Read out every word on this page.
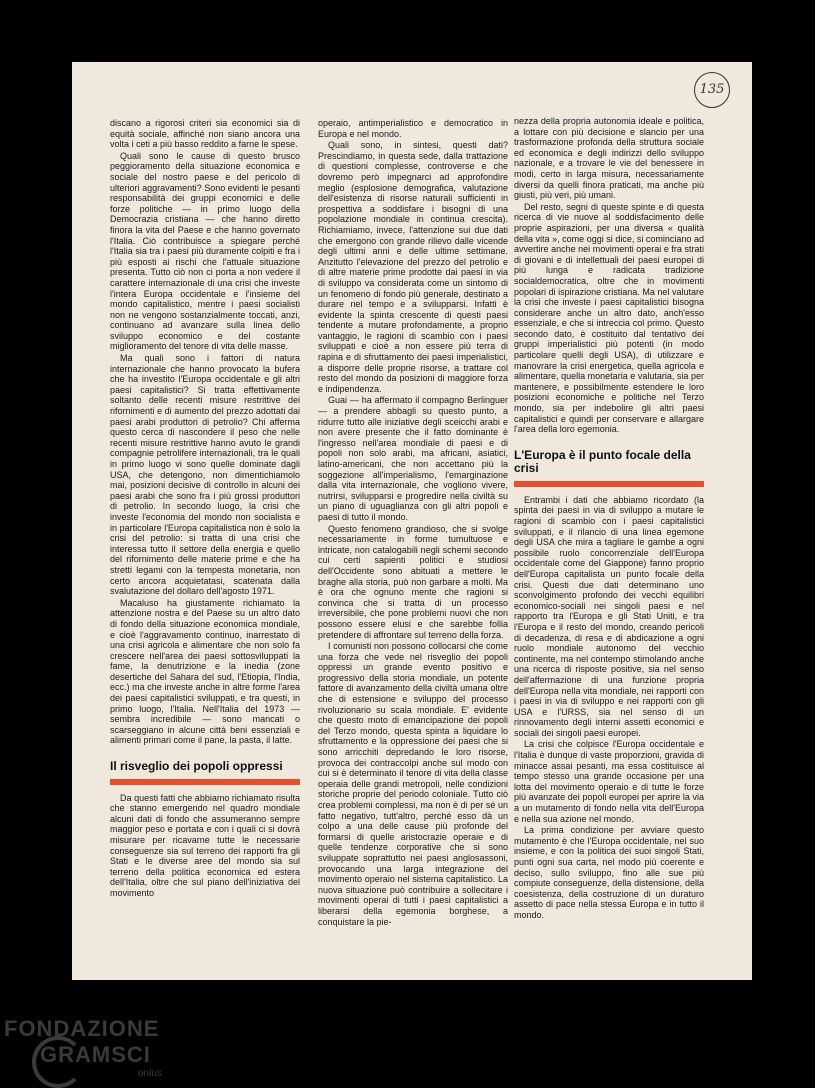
135

discano a rigorosi criteri sia economici sia di equità sociale, affinché non siano ancora una volta i ceti a più basso reddito a farne le spese.

Quali sono le cause di questo brusco peggioramento della situazione economica e sociale del nostro paese e del pericolo di ulteriori aggravamenti? Sono evidenti le pesanti responsabilità dei gruppi economici e delle forze politiche — in primo luogo della Democrazia cristiana — che hanno diretto finora la vita del Paese e che hanno governato l'Italia. Ciò contribuisce a spiegare perché l'Italia sia tra i paesi più duramente colpiti e fra i più esposti ai rischi che l'attuale situazione presenta. Tutto ciò non ci porta a non vedere il carattere internazionale di una crisi che investe l'intera Europa occidentale e l'insieme del mondo capitalistico, mentre i paesi socialisti non ne vengono sostanzialmente toccati, anzi, continuano ad avanzare sulla linea dello sviluppo economico e del costante miglioramento del tenore di vita delle masse.

Ma quali sono i fattori di natura internazionale che hanno provocato la bufera che ha investito l'Europa occidentale e gli altri paesi capitalistici? Si tratta effettivamente soltanto delle recenti misure restrittive dei rifornimenti e di aumento del prezzo adottati dai paesi arabi produttori di petrolio? Chi afferma questo cerca di nascondere il peso che nelle recenti misure restrittive hanno avuto le grandi compagnie petrolifere internazionali, tra le quali in primo luogo vi sono quelle dominate dagli USA, che detengono, non dimentichiamolo mai, posizioni decisive di controllo in alcuni dei paesi arabi che sono fra i più grossi produttori di petrolio. In secondo luogo, la crisi che investe l'economia del mondo non socialista e in particolare l'Europa capitalistica non è solo la crisi del petrolio: si tratta di una crisi che interessa tutto il settore della energia e quello del rifornimento delle materie prime e che ha stretti legami con la tempesta monetaria, non certo ancora acquietatasi, scatenata dalla svalutazione del dollaro dell'agosto 1971.

Macaluso ha giustamente richiamato la attenzione nostra e del Paese su un altro dato di fondo della situazione economica mondiale, e cioè l'aggravamento continuo, inarrestato di una crisi agricola e alimentare che non solo fa crescere nell'area dei paesi sottosviluppati la fame, la denutrizione e la inedia (zone desertiche del Sahara del sud, l'Etiopia, l'India, ecc.) ma che investe anche in altre forme l'area dei paesi capitalistici sviluppati, e tra questi, in primo luogo, l'Italia. Nell'Italia del 1973 — sembra incredibile — sono mancati o scarseggiano in alcune città beni essenziali e alimenti primari come il pane, la pasta, il latte.

Il risveglio dei popoli oppressi

Da questi fatti che abbiamo richiamato risulta che stanno emergendo nel quadro mondiale alcuni dati di fondo che assumeranno sempre maggior peso e portata e con i quali ci si dovrà misurare per ricavarne tutte le necessarie conseguenze sia sul terreno dei rapporti fra gli Stati e le diverse aree del mondo sia sul terreno della politica economica ed estera dell'Italia, oltre che sul piano dell'iniziativa del movimento

operaio, antimperialistico e democratico in Europa e nel mondo.

Quali sono, in sintesi, questi dati? Prescindiamo, in questa sede, dalla trattazione di questioni complesse, controverse e che dovremo però impegnarci ad approfondire meglio (esplosione demografica, valutazione dell'esistenza di risorse naturali sufficienti in prospettiva a soddisfare i bisogni di una popolazione mondiale in continua crescita). Richiamiamo, invece, l'attenzione sui due dati che emergono con grande rilievo dalle vicende degli ultimi anni e delle ultime settimane. Anzitutto l'elevazione del prezzo del petrolio e di altre materie prime prodotte dai paesi in via di sviluppo va considerata come un sintomo di un fenomeno di fondo più generale, destinato a durare nel tempo e a svilupparsi. Infatti è evidente la spinta crescente di questi paesi tendente a mutare profondamente, a proprio vantaggio, le ragioni di scambio con i paesi sviluppati e cioè a non essere più terra di rapina e di sfruttamento dei paesi imperialistici, a disporre delle proprie risorse, a trattare col resto del mondo da posizioni di maggiore forza e indipendenza.

Guai — ha affermato il compagno Berlinguer — a prendere abbagli su questo punto, a ridurre tutto alle iniziative degli sceicchi arabi e non avere presente che il fatto dominante è l'ingresso nell'area mondiale di paesi e di popoli non solo arabi, ma africani, asiatici, latino-americani, che non accettano più la soggezione all'imperialismo, l'emarginazione dalla vita internazionale, che vogliono vivere, nutrirsi, svilupparsi e progredire nella civiltà su un piano di uguaglianza con gli altri popoli e paesi di tutto il mondo.

Questo fenomeno grandioso, che si svolge necessariamente in forme tumultuose e intricate, non catalogabili negli schemi secondo cui certi sapienti politici e studiosi dell'Occidente sono abituati a mettere le braghe alla storia, può non garbare a molti. Ma è ora che ognuno mente che ragioni si convinca che si tratta di un processo irreversibile, che pone problemi nuovi che non possono essere elusi e che sarebbe follia pretendere di affrontare sul terreno della forza.

I comunisti non possono collocarsi che come una forza che vede nel risveglio dei popoli oppressi un grande evento positivo e progressivo della storia mondiale, un potente fattore di avanzamento della civiltà umana oltre che di estensione e sviluppo del processo rivoluzionario su scala mondiale. E' evidente che questo moto di emancipazione dei popoli del Terzo mondo, questa spinta a liquidare lo sfruttamento e la oppressione dei paesi che si sono arricchiti depredando le loro risorse, provoca dei contraccolpi anche sul modo con cui si è determinato il tenore di vita della classe operaia delle grandi metropoli, nelle condizioni storiche proprie del periodo coloniale. Tutto ciò crea problemi complessi, ma non è di per sé un fatto negativo, tutt'altro, perché esso dà un colpo a una delle cause più profonde del formarsi di quelle aristocrazie operaie e di quelle tendenze corporative che si sono sviluppate soprattutto nei paesi anglosassoni, provocando una larga integrazione del movimento operaio nel sistema capitalistico. La nuova situazione può contribuire a sollecitare i movimenti operai di tutti i paesi capitalistici a liberarsi della egemonia borghese, a conquistare la pie-

nezza della propria autonomia ideale e politica, a lottare con più decisione e slancio per una trasformazione profonda della struttura sociale ed economica e degli indirizzi dello sviluppo nazionale, e a trovare le vie del benessere in modi, certo in larga misura, necessariamente diversi da quelli finora praticati, ma anche più giusti, più veri, più umani.

Del resto, segni di queste spinte e di questa ricerca di vie nuove al soddisfacimento delle proprie aspirazioni, per una diversa « qualità della vita », come oggi si dice, si cominciano ad avvertire anche nei movimenti operai e fra strati di giovani e di intellettuali dei paesi europei di più lunga e radicata tradizione socialdemocratica, oltre che in movimenti popolari di ispirazione cristiana. Ma nel valutare la crisi che investe i paesi capitalistici bisogna considerare anche un altro dato, anch'esso essenziale, e che si intreccia col primo. Questo secondo dato, è costituito dal tentativo dei gruppi imperialistici più potenti (in modo particolare quelli degli USA), di utilizzare e manovrare la crisi energetica, quella agricola e alimentare, quella monetaria e valutaria, sia per mantenere, e possibilmente estendere le loro posizioni economiche e politiche nel Terzo mondo, sia per indebolire gli altri paesi capitalistici e quindi per conservare e allargare l'area della loro egemonia.

L'Europa è il punto focale della crisi

Entrambi i dati che abbiamo ricordato (la spinta dei paesi in via di sviluppo a mutare le ragioni di scambio con i paesi capitalistici sviluppati, e il rilancio di una linea egemone degli USA che mira a tagliare le gambe a ogni possibile ruolo concorrenziale dell'Europa occidentale come del Giappone) fanno proprio dell'Europa capitalista un punto focale della crisi. Questi due dati determinano uno sconvolgimento profondo dei vecchi equilibri economico-sociali nei singoli paesi e nel rapporto tra l'Europa e gli Stati Uniti, e tra l'Europa e il resto del mondo, creando pericoli di decadenza, di resa e di abdicazione a ogni ruolo mondiale autonomo del vecchio continente, ma nel contempo stimolando anche una ricerca di risposte positive, sia nel senso dell'affermazione di una funzione propria dell'Europa nella vita mondiale, nei rapporti con i paesi in via di sviluppo e nei rapporti con gli USA e l'URSS, sia nel senso di un rinnovamento degli interni assetti economici e sociali dei singoli paesi europei.

La crisi che colpisce l'Europa occidentale e l'Italia è dunque di vaste proporzioni, gravida di minacce assai pesanti, ma essa costituisce al tempo stesso una grande occasione per una lotta del movimento operaio e di tutte le forze più avanzate dei popoli europei per aprire la via a un mutamento di fondo nella vita dell'Europa e nella sua azione nel mondo.

La prima condizione per avviare questo mutamento è che l'Europa occidentale, nel suo insieme, e con la politica dei suoi singoli Stati, punti ogni sua carta, nel modo più coerente e deciso, sullo sviluppo, fino alle sue più compiute conseguenze, della distensione, della coesistenza, della costruzione di un duraturo assetto di pace nella stessa Europa e in tutto il mondo.

FONDAZIONE
GRAMSCI
onlus
